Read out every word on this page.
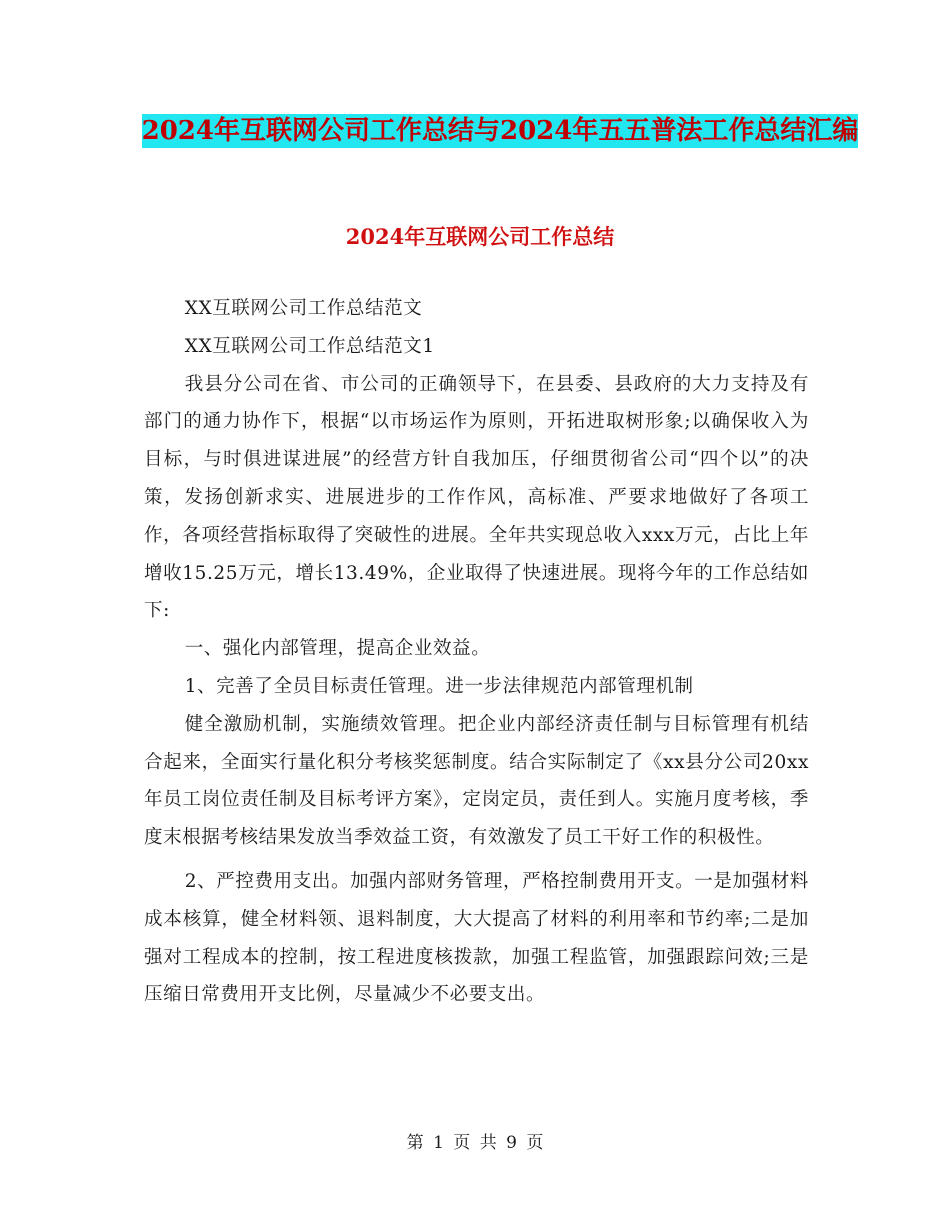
2024年互联网公司工作总结与2024年五五普法工作总结汇编
2024年互联网公司工作总结

XX互联网公司工作总结范文

XX互联网公司工作总结范文1

我县分公司在省、市公司的正确领导下，在县委、县政府的大力支持及有部门的通力协作下，根据“以市场运作为原则，开拓进取树形象;以确保收入为目标，与时俱进谋进展”的经营方针自我加压，仔细贯彻省公司“四个以”的决策，发扬创新求实、进展进步的工作作风，高标准、严要求地做好了各项工作，各项经营指标取得了突破性的进展。全年共实现总收入xxx万元，占比上年增收15.25万元，增长13.49%，企业取得了快速进展。现将今年的工作总结如下:

一、强化内部管理，提高企业效益。

1、完善了全员目标责任管理。进一步法律规范内部管理机制

健全激励机制，实施绩效管理。把企业内部经济责任制与目标管理有机结合起来，全面实行量化积分考核奖惩制度。结合实际制定了《xx县分公司20xx年员工岗位责任制及目标考评方案》，定岗定员，责任到人。实施月度考核，季度末根据考核结果发放当季效益工资，有效激发了员工干好工作的积极性。

2、严控费用支出。加强内部财务管理，严格控制费用开支。一是加强材料成本核算，健全材料领、退料制度，大大提高了材料的利用率和节约率;二是加强对工程成本的控制，按工程进度核拨款，加强工程监管，加强跟踪问效;三是压缩日常费用开支比例，尽量减少不必要支出。

第 1 页 共 9 页
